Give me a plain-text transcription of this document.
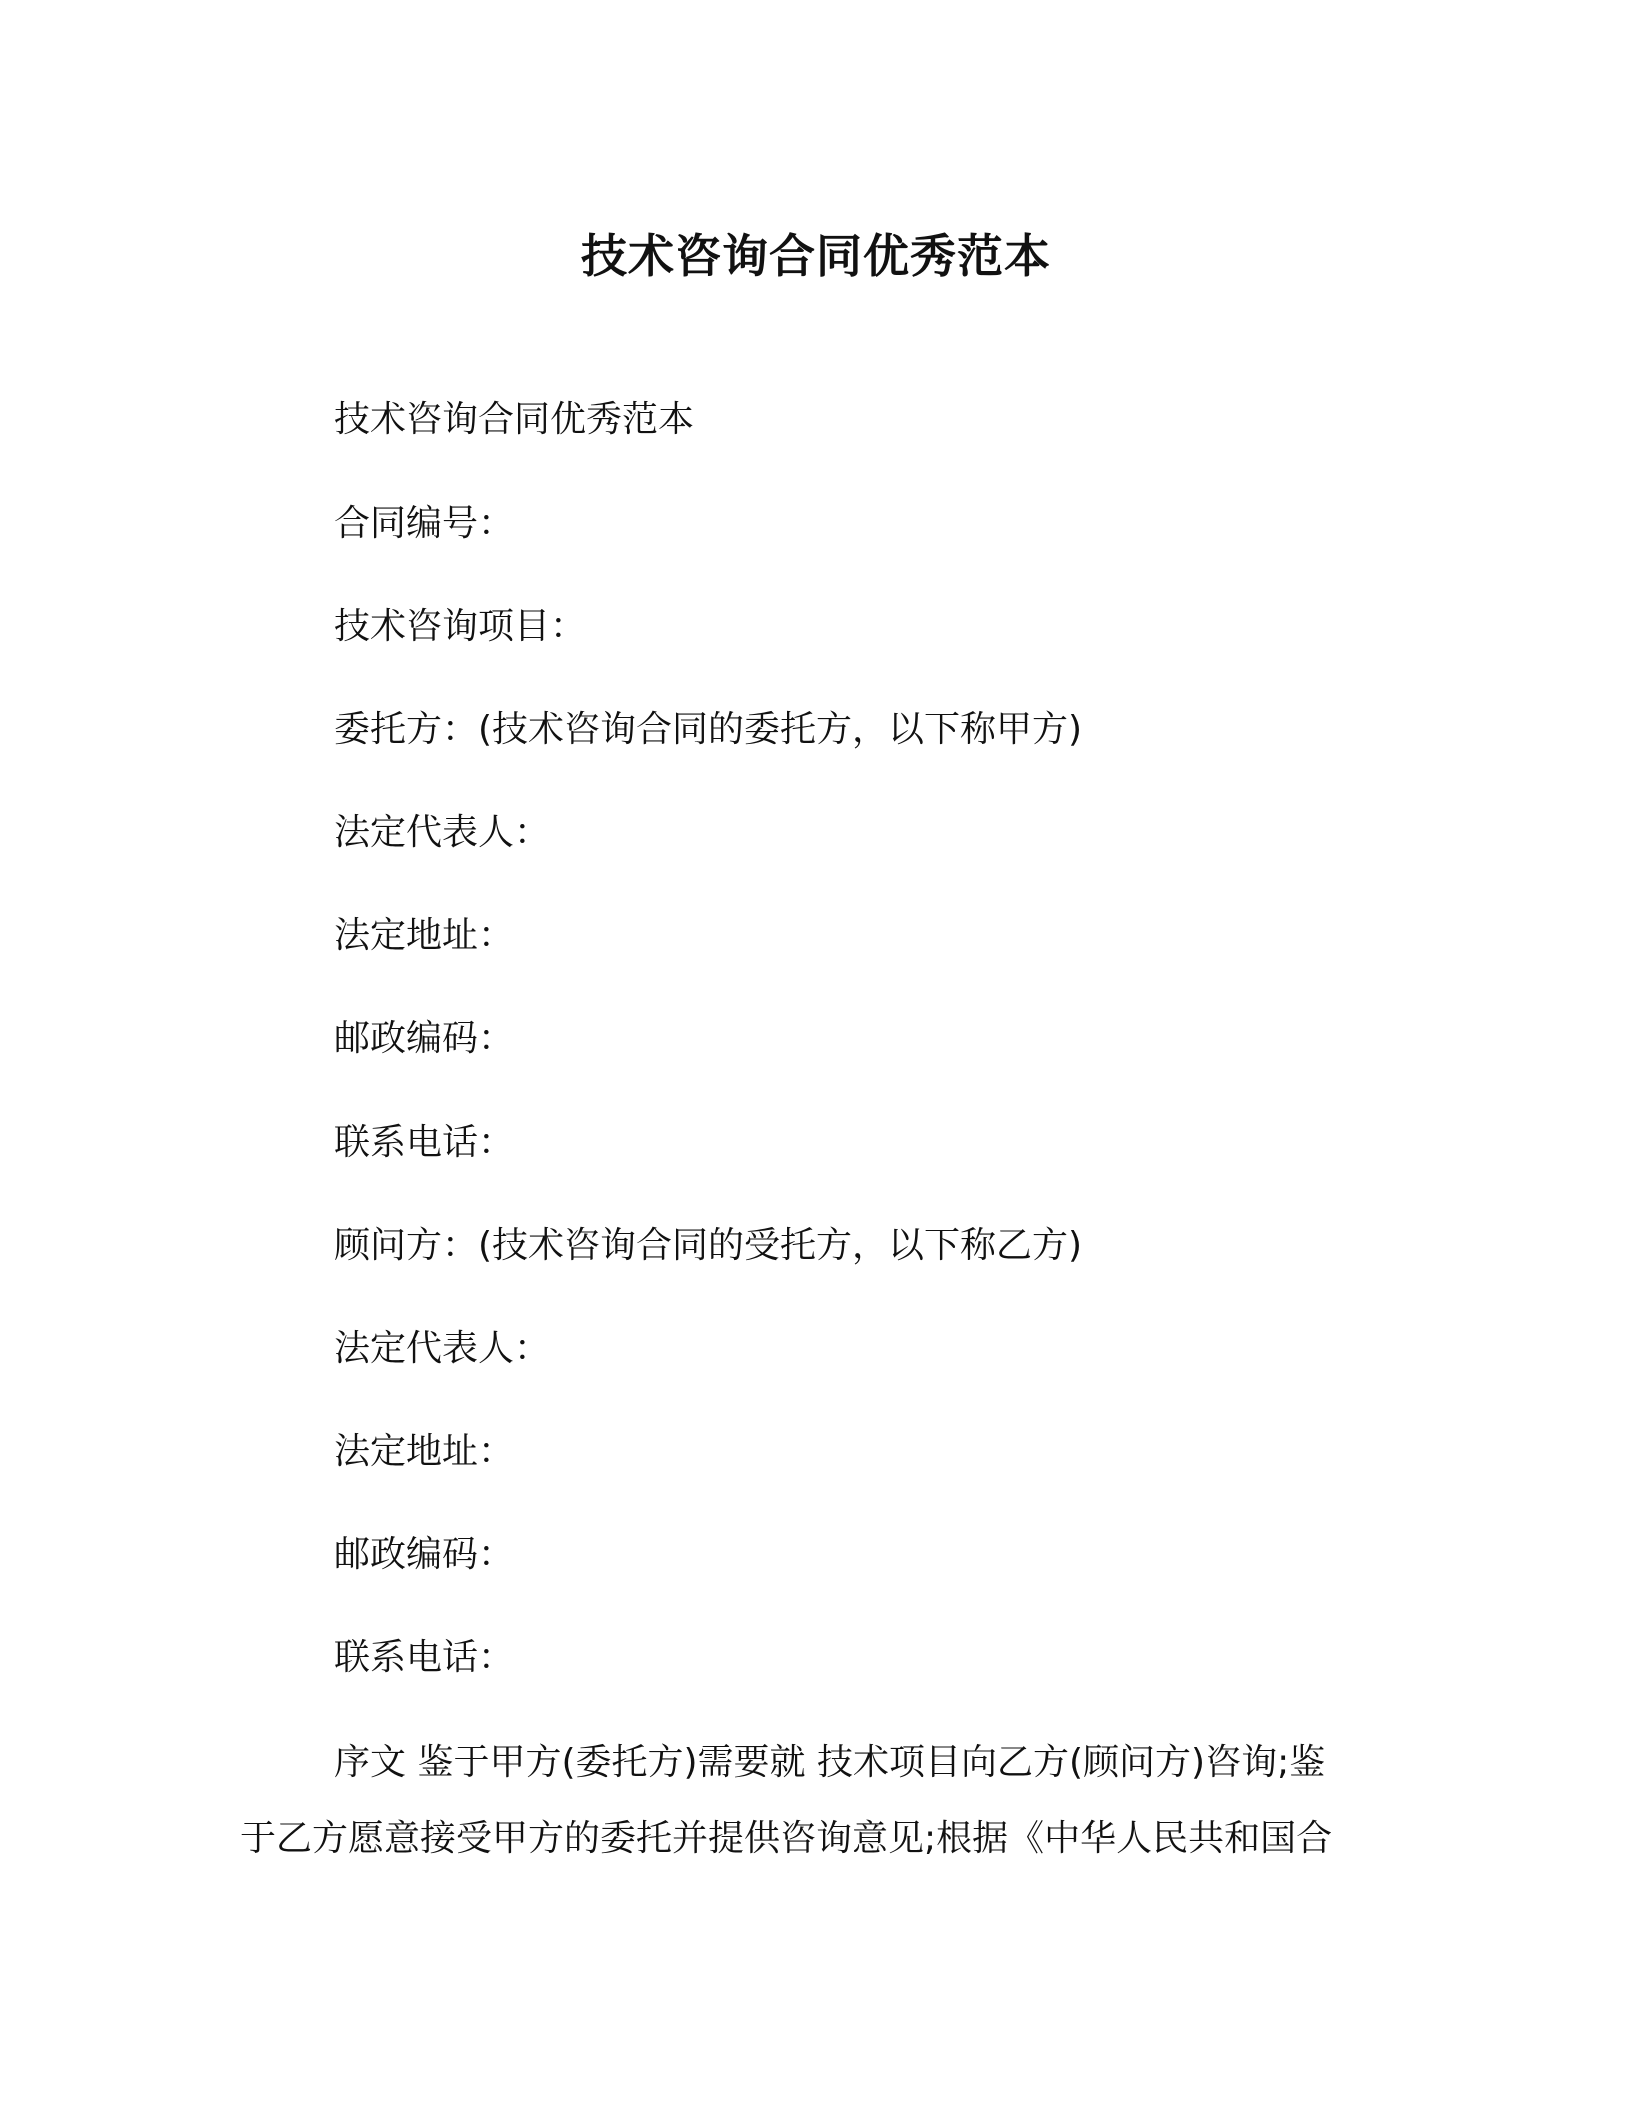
技术咨询合同优秀范本

技术咨询合同优秀范本

合同编号：

技术咨询项目：

委托方：(技术咨询合同的委托方，以下称甲方)

法定代表人：

法定地址：

邮政编码：

联系电话：

顾问方：(技术咨询合同的受托方，以下称乙方)

法定代表人：

法定地址：

邮政编码：

联系电话：

序文 鉴于甲方(委托方)需要就 技术项目向乙方(顾问方)咨询;鉴

于乙方愿意接受甲方的委托并提供咨询意见;根据《中华人民共和国合
